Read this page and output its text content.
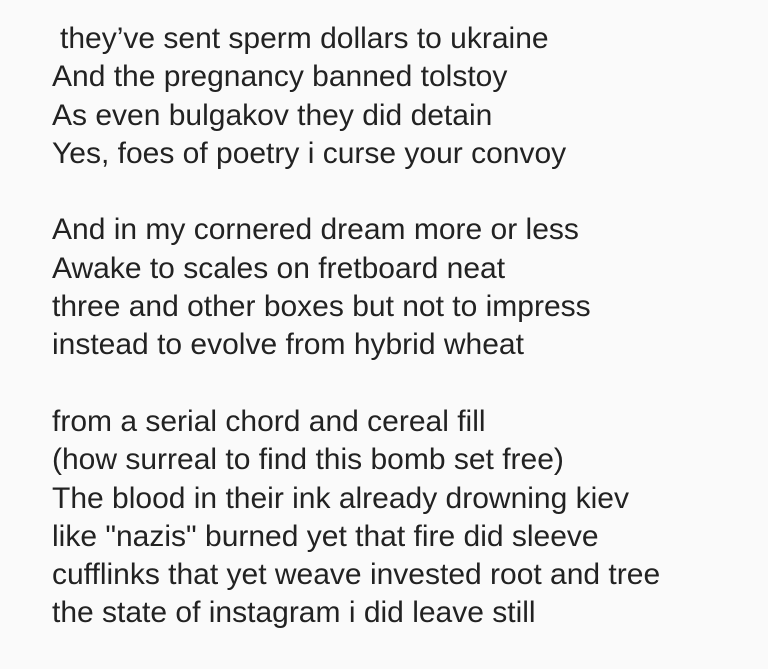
they’ve sent sperm dollars to ukraine
And the pregnancy banned tolstoy
As even bulgakov they did detain
Yes, foes of poetry i curse your convoy
And in my cornered dream more or less
Awake to scales on fretboard neat
three and other boxes but not to impress
instead to evolve from hybrid wheat
from a serial chord and cereal fill
(how surreal to find this bomb set free)
The blood in their ink already drowning kiev
like "nazis" burned yet that fire did sleeve
cufflinks that yet weave invested root and tree
the state of instagram i did leave still
